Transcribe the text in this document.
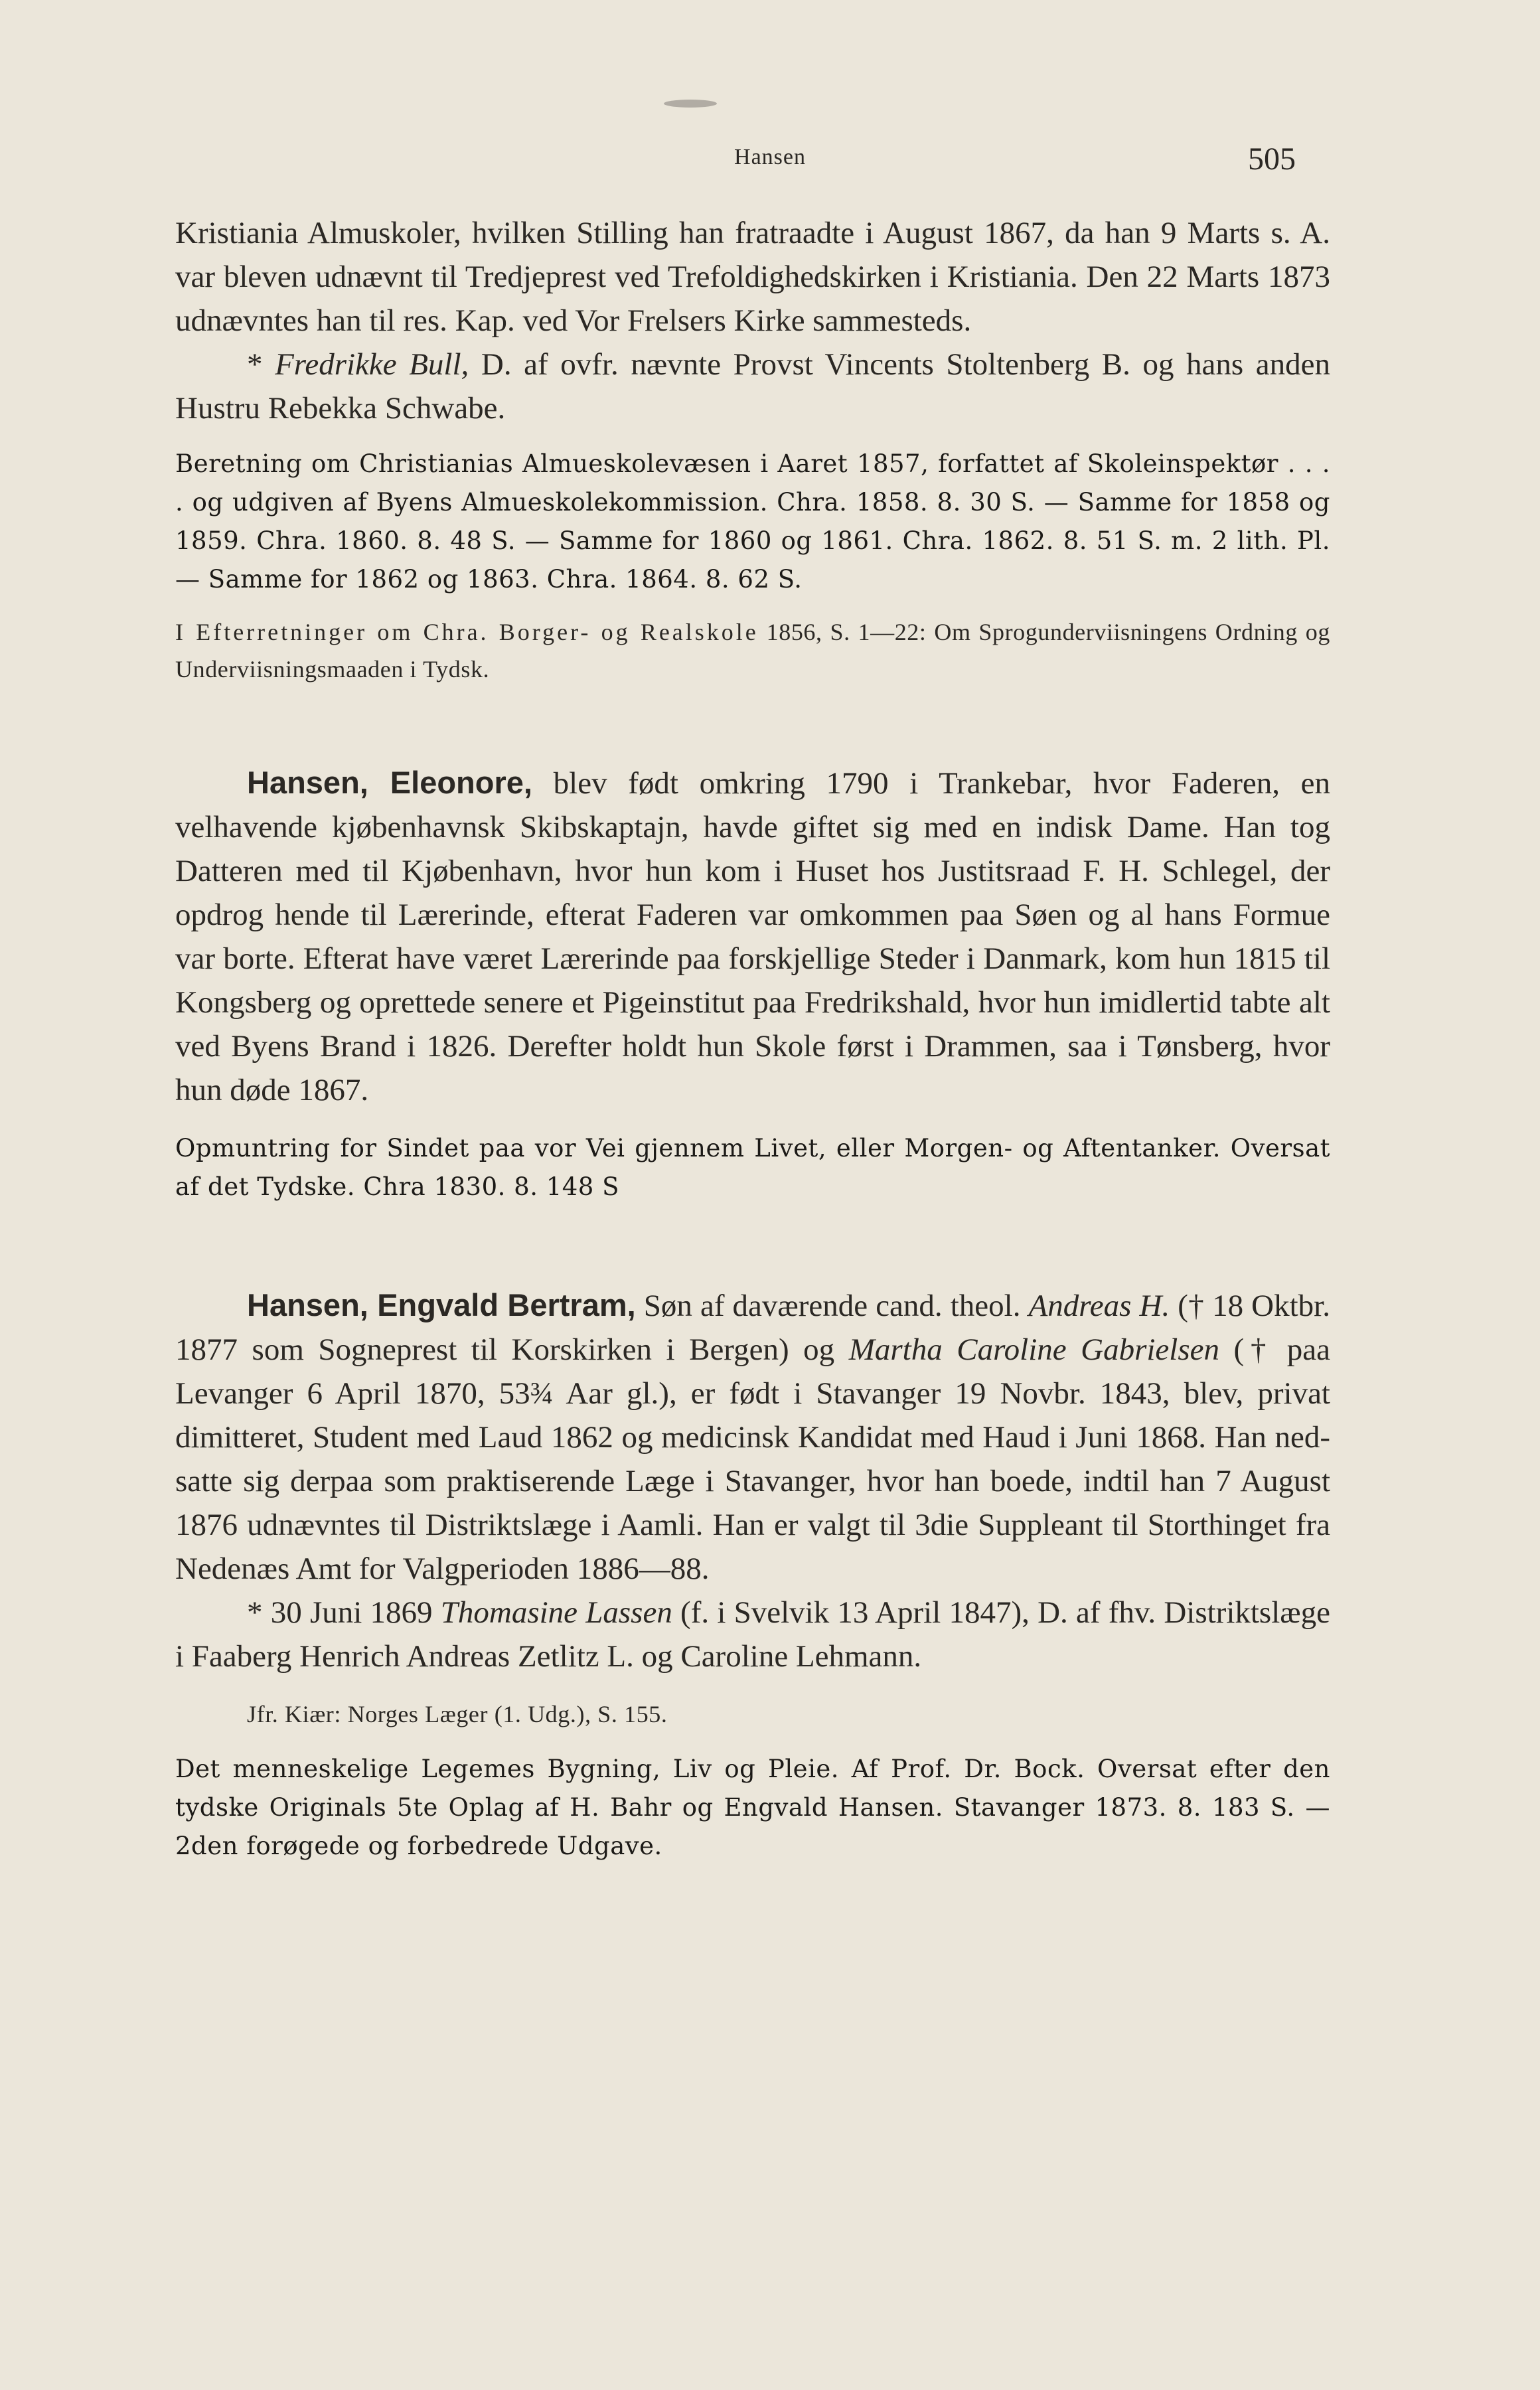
Hansen	505

Kristiania Almuskoler, hvilken Stilling han fratraadte i August 1867, da han 9 Marts s. A. var bleven udnævnt til Tredjeprest ved Trefoldighedskirken i Kristiania. Den 22 Marts 1873 udnævntes han til res. Kap. ved Vor Frelsers Kirke sammesteds.

* Fredrikke Bull, D. af ovfr. nævnte Provst Vincents Stoltenberg B. og hans anden Hustru Rebekka Schwabe.

Beretning om Christianias Almueskolevæsen i Aaret 1857, forfattet af Skoleinspektør . . . . og udgiven af Byens Almueskolekommission. Chra. 1858. 8. 30 S. — Samme for 1858 og 1859. Chra. 1860. 8. 48 S. — Samme for 1860 og 1861. Chra. 1862. 8. 51 S. m. 2 lith. Pl. — Samme for 1862 og 1863. Chra. 1864. 8. 62 S.

I Efterretninger om Chra. Borger- og Realskole 1856, S. 1—22: Om Sprogunderviisningens Ordning og Underviisningsmaaden i Tydsk.

Hansen, Eleonore, blev født omkring 1790 i Trankebar, hvor Faderen, en velhavende kjøbenhavnsk Skibskaptajn, havde giftet sig med en indisk Dame. Han tog Datteren med til Kjøbenhavn, hvor hun kom i Huset hos Justitsraad F. H. Schlegel, der opdrog hende til Lærerinde, efterat Faderen var omkommen paa Søen og al hans Formue var borte. Efterat have været Lærerinde paa forskjellige Steder i Danmark, kom hun 1815 til Kongsberg og oprettede senere et Pigeinstitut paa Fredrikshald, hvor hun imidlertid tabte alt ved Byens Brand i 1826. Derefter holdt hun Skole først i Drammen, saa i Tønsberg, hvor hun døde 1867.

Opmuntring for Sindet paa vor Vei gjennem Livet, eller Morgen- og Aftentanker. Oversat af det Tydske. Chra 1830. 8. 148 S

Hansen, Engvald Bertram, Søn af daværende cand. theol. Andreas H. († 18 Oktbr. 1877 som Sogneprest til Korskirken i Bergen) og Martha Caroline Gabrielsen († paa Levanger 6 April 1870, 53¾ Aar gl.), er født i Stavanger 19 Novbr. 1843, blev, privat dimitteret, Student med Laud 1862 og medicinsk Kandidat med Haud i Juni 1868. Han nedsatte sig derpaa som praktiserende Læge i Stavanger, hvor han boede, indtil han 7 August 1876 udnævntes til Distriktslæge i Aamli. Han er valgt til 3die Suppleant til Storthinget fra Nedenæs Amt for Valgperioden 1886—88.

* 30 Juni 1869 Thomasine Lassen (f. i Svelvik 13 April 1847), D. af fhv. Distriktslæge i Faaberg Henrich Andreas Zetlitz L. og Caroline Lehmann.

Jfr. Kiær: Norges Læger (1. Udg.), S. 155.

Det menneskelige Legemes Bygning, Liv og Pleie. Af Prof. Dr. Bock. Oversat efter den tydske Originals 5te Oplag af H. Bahr og Engvald Hansen. Stavanger 1873. 8. 183 S. — 2den forøgede og forbedrede Udgave.
